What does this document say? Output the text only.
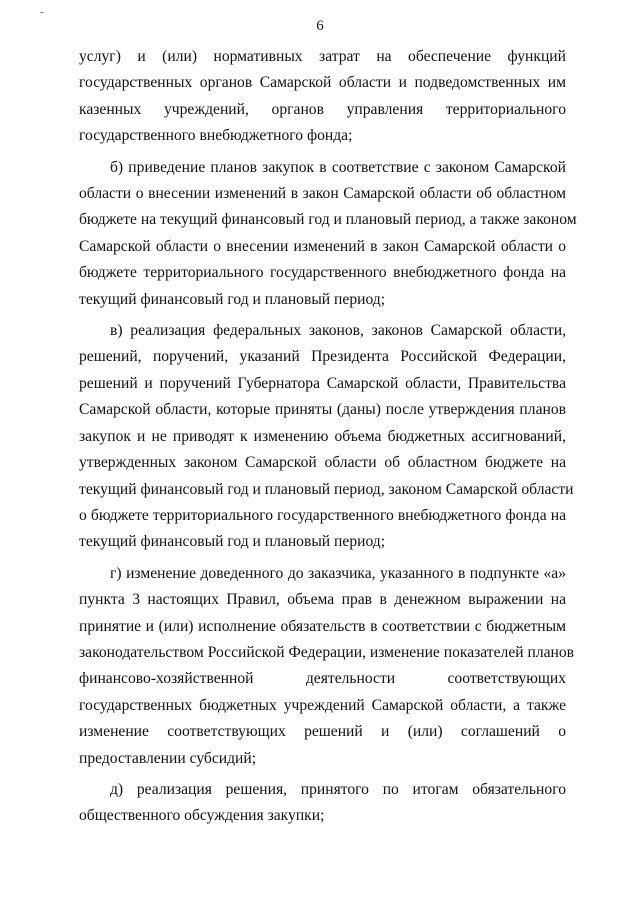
-
6

услуг) и (или) нормативных затрат на обеспечение функций
государственных органов Самарской области и подведомственных им
казенных учреждений, органов управления территориального
государственного внебюджетного фонда;

б) приведение планов закупок в соответствие с законом Самарской
области о внесении изменений в закон Самарской области об областном
бюджете на текущий финансовый год и плановый период, а также законом
Самарской области о внесении изменений в закон Самарской области о
бюджете территориального государственного внебюджетного фонда на
текущий финансовый год и плановый период;

в) реализация федеральных законов, законов Самарской области,
решений, поручений, указаний Президента Российской Федерации,
решений и поручений Губернатора Самарской области, Правительства
Самарской области, которые приняты (даны) после утверждения планов
закупок и не приводят к изменению объема бюджетных ассигнований,
утвержденных законом Самарской области об областном бюджете на
текущий финансовый год и плановый период, законом Самарской области
о бюджете территориального государственного внебюджетного фонда на
текущий финансовый год и плановый период;

г) изменение доведенного до заказчика, указанного в подпункте «а»
пункта 3 настоящих Правил, объема прав в денежном выражении на
принятие и (или) исполнение обязательств в соответствии с бюджетным
законодательством Российской Федерации, изменение показателей планов
финансово-хозяйственной деятельности соответствующих
государственных бюджетных учреждений Самарской области, а также
изменение соответствующих решений и (или) соглашений о
предоставлении субсидий;

д) реализация решения, принятого по итогам обязательного
общественного обсуждения закупки;
